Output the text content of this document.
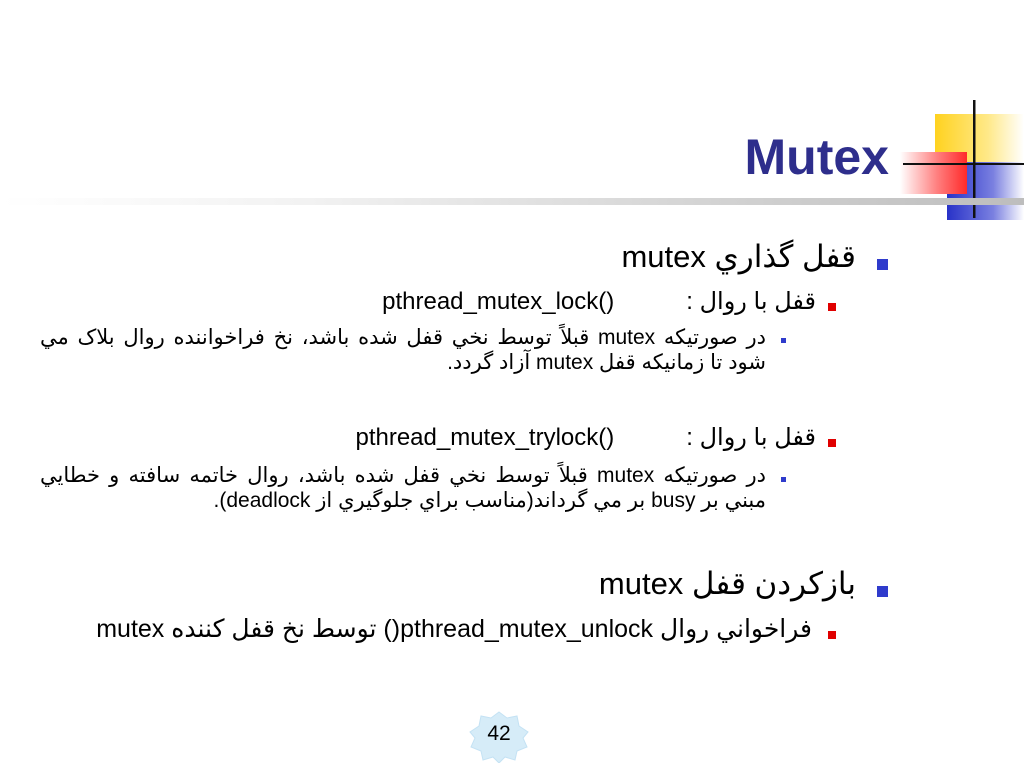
Mutex
قفل گذاري mutex
قفل با روال :pthread_mutex_lock()
در صورتيكه mutex قبلاً توسط نخي قفل شده باشد، نخ فراخواننده روال بلاک مي شود تا زمانيكه قفل mutex آزاد گردد.
قفل با روال :pthread_mutex_trylock()
در صورتيكه mutex قبلاً توسط نخي قفل شده باشد، روال خاتمه سافته و خطايي مبني بر busy بر مي گرداند(مناسب براي جلوگيري از deadlock).
بازكردن قفل mutex
فراخواني روال pthread_mutex_unlock() توسط نخ قفل كننده mutex
42
